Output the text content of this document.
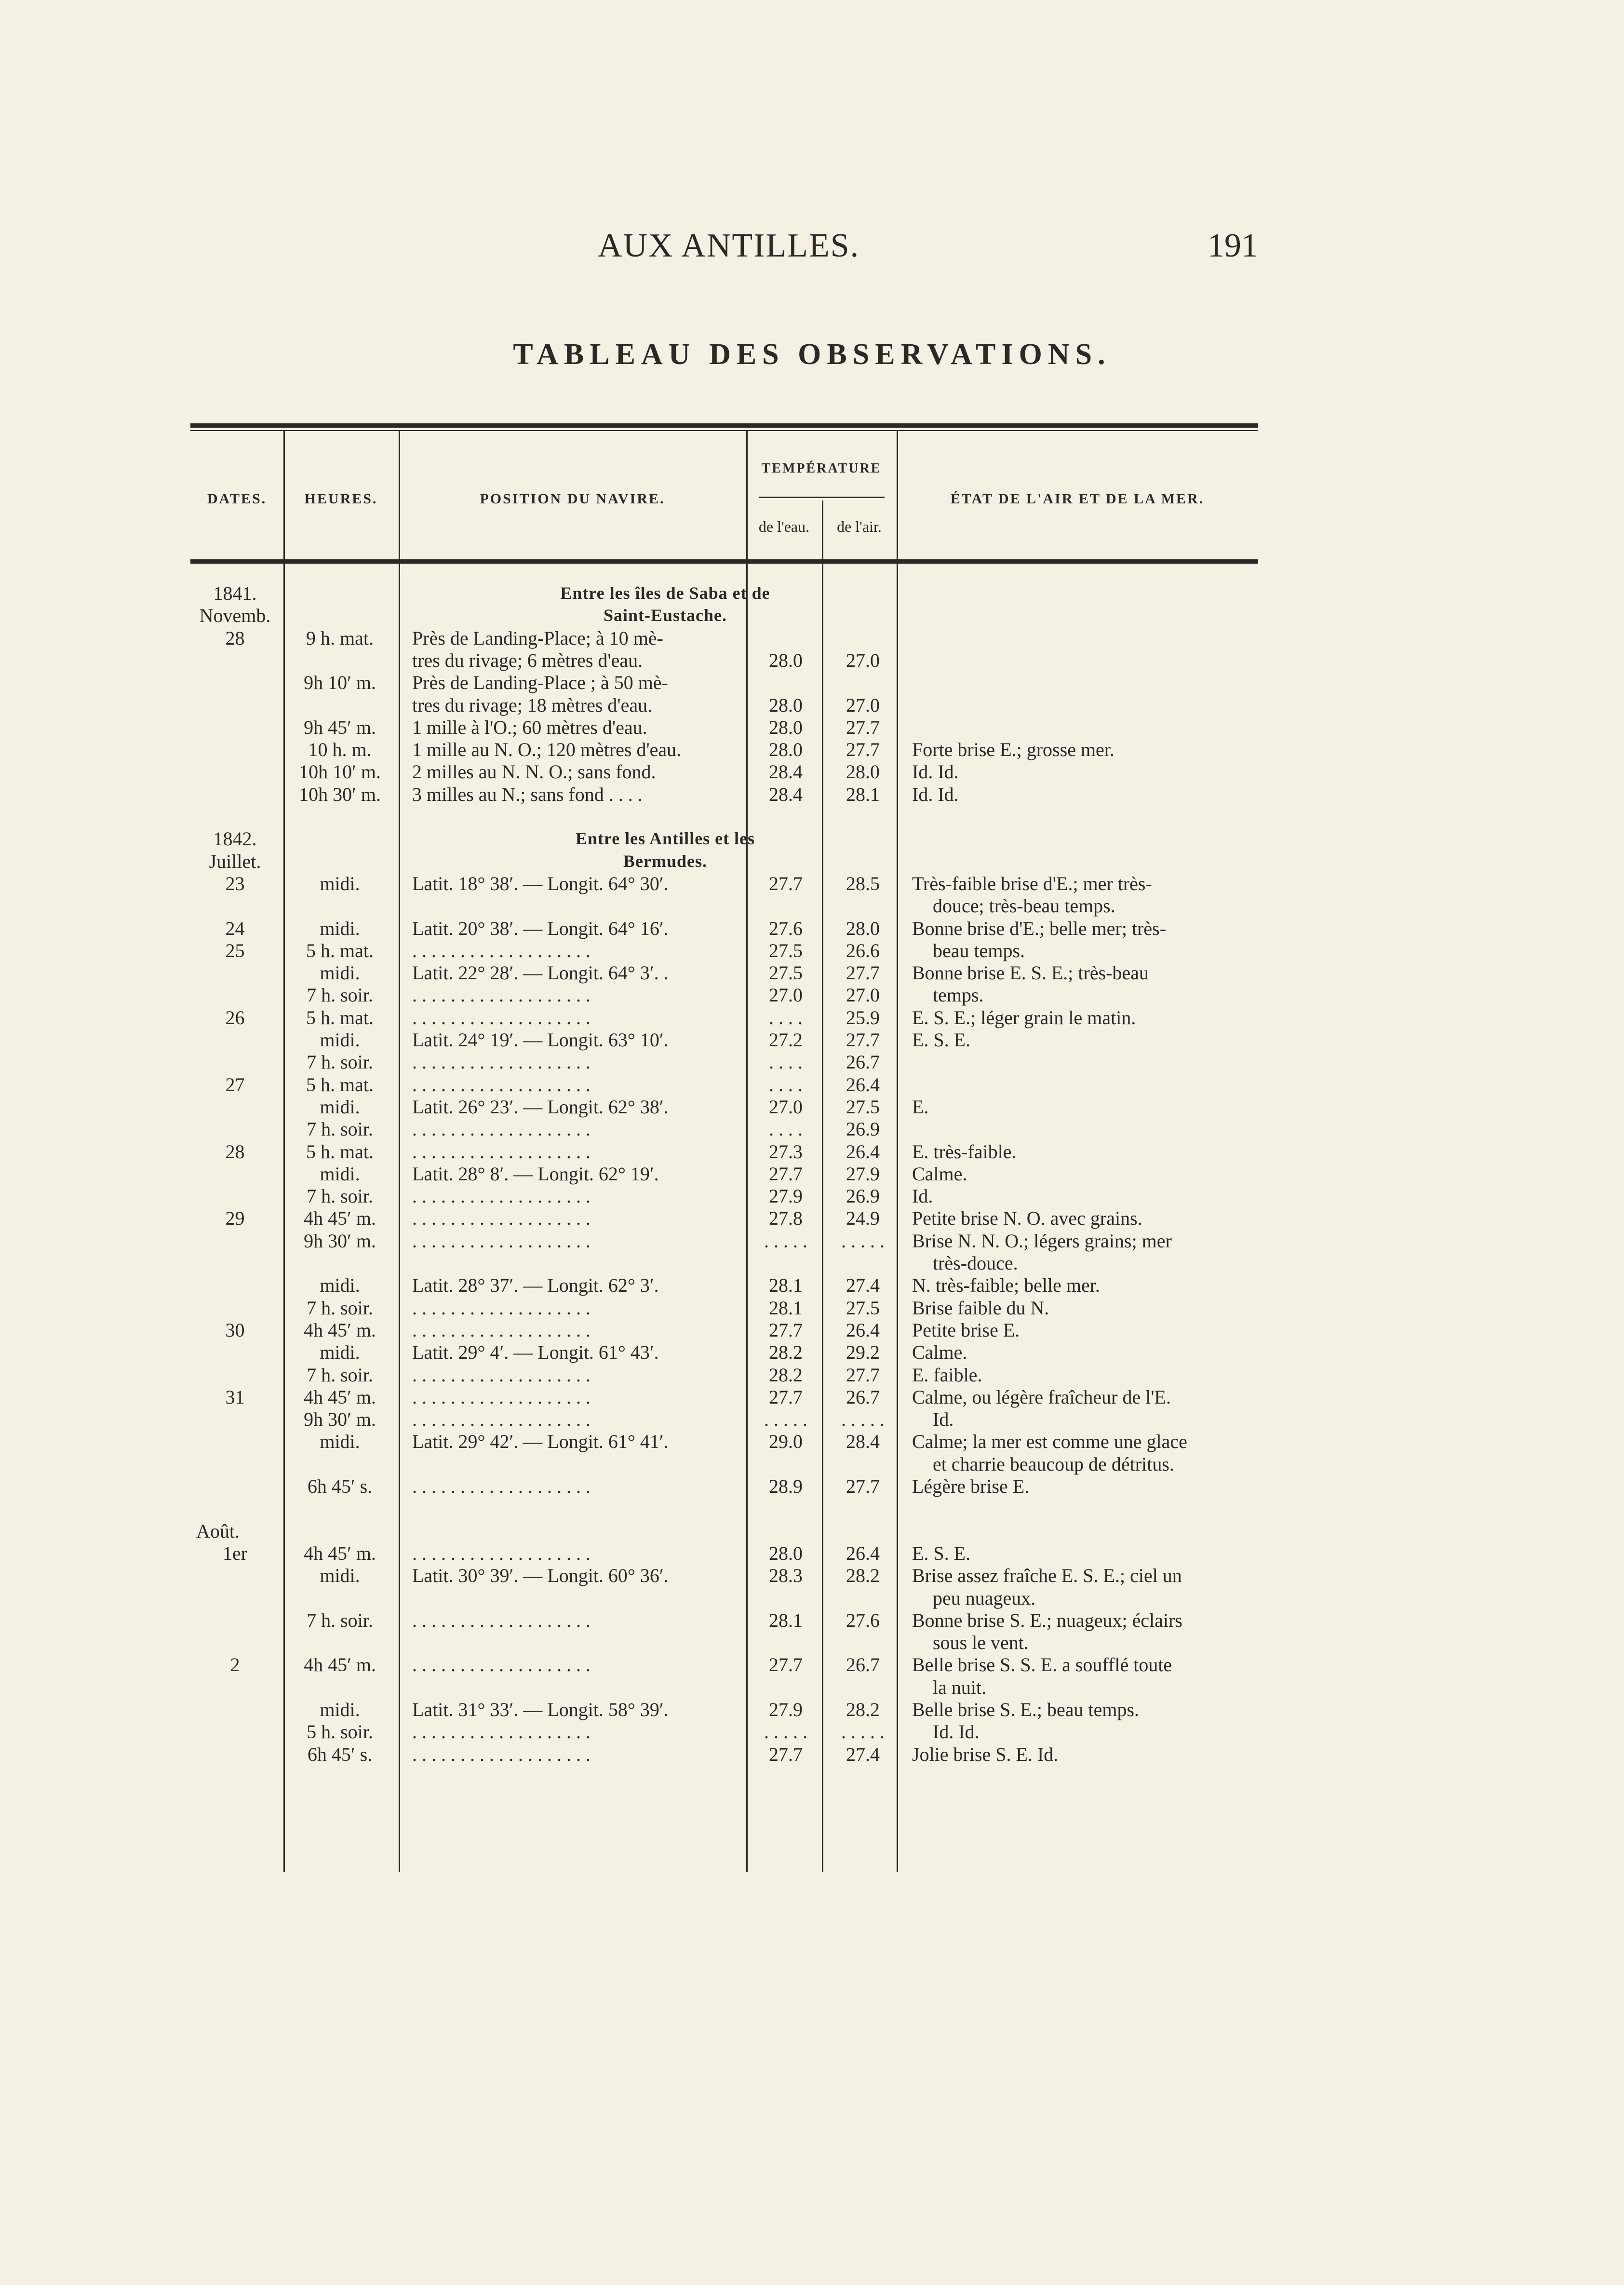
AUX ANTILLES.	191
TABLEAU DES OBSERVATIONS.
DATES.	HEURES.	POSITION DU NAVIRE.
TEMPÉRATURE
de l'eau.	de l'air.
ÉTAT DE L'AIR ET DE LA MER.
1841.	Entre les îles de Saba et de
Novemb.	Saint-Eustache.
28	9 h. mat.	Près de Landing-Place; à 10 mè-
tres du rivage; 6 mètres d'eau.	28.0	27.0
9h 10′ m.	Près de Landing-Place ; à 50 mè-
tres du rivage; 18 mètres d'eau.	28.0	27.0
9h 45′ m.	1 mille à l'O.; 60 mètres d'eau.	28.0	27.7
10 h. m.	1 mille au N. O.; 120 mètres d'eau.	28.0	27.7	Forte brise E.; grosse mer.
10h 10′ m.	2 milles au N. N. O.; sans fond.	28.4	28.0	Id. Id.
10h 30′ m.	3 milles au N.; sans fond . . . .	28.4	28.1	Id. Id.
1842.	Entre les Antilles et les
Juillet.	Bermudes.
23	midi.	Latit. 18° 38′. — Longit. 64° 30′.	27.7	28.5	Très-faible brise d'E.; mer très-
douce; très-beau temps.
24	midi.	Latit. 20° 38′. — Longit. 64° 16′.	27.6	28.0	Bonne brise d'E.; belle mer; très-
25	5 h. mat.	. . . . . . . . . . . . . . . . . . .	27.5	26.6	beau temps.
midi.	Latit. 22° 28′. — Longit. 64° 3′. .	27.5	27.7	Bonne brise E. S. E.; très-beau
7 h. soir.	. . . . . . . . . . . . . . . . . . .	27.0	27.0	temps.
26	5 h. mat.	. . . . . . . . . . . . . . . . . . .	. . . .	25.9	E. S. E.; léger grain le matin.
midi.	Latit. 24° 19′. — Longit. 63° 10′.	27.2	27.7	E. S. E.
7 h. soir.	. . . . . . . . . . . . . . . . . . .	. . . .	26.7
27	5 h. mat.	. . . . . . . . . . . . . . . . . . .	. . . .	26.4
midi.	Latit. 26° 23′. — Longit. 62° 38′.	27.0	27.5	E.
7 h. soir.	. . . . . . . . . . . . . . . . . . .	. . . .	26.9
28	5 h. mat.	. . . . . . . . . . . . . . . . . . .	27.3	26.4	E. très-faible.
midi.	Latit. 28° 8′. — Longit. 62° 19′.	27.7	27.9	Calme.
7 h. soir.	. . . . . . . . . . . . . . . . . . .	27.9	26.9	Id.
29	4h 45′ m.	. . . . . . . . . . . . . . . . . . .	27.8	24.9	Petite brise N. O. avec grains.
9h 30′ m.	. . . . . . . . . . . . . . . . . . .	. . . . .	. . . . .	Brise N. N. O.; légers grains; mer
très-douce.
midi.	Latit. 28° 37′. — Longit. 62° 3′.	28.1	27.4	N. très-faible; belle mer.
7 h. soir.	. . . . . . . . . . . . . . . . . . .	28.1	27.5	Brise faible du N.
30	4h 45′ m.	. . . . . . . . . . . . . . . . . . .	27.7	26.4	Petite brise E.
midi.	Latit. 29° 4′. — Longit. 61° 43′.	28.2	29.2	Calme.
7 h. soir.	. . . . . . . . . . . . . . . . . . .	28.2	27.7	E. faible.
31	4h 45′ m.	. . . . . . . . . . . . . . . . . . .	27.7	26.7	Calme, ou légère fraîcheur de l'E.
9h 30′ m.	. . . . . . . . . . . . . . . . . . .	. . . . .	. . . . .	Id.
midi.	Latit. 29° 42′. — Longit. 61° 41′.	29.0	28.4	Calme; la mer est comme une glace
et charrie beaucoup de détritus.
6h 45′ s.	. . . . . . . . . . . . . . . . . . .	28.9	27.7	Légère brise E.
Août.
1er	4h 45′ m.	. . . . . . . . . . . . . . . . . . .	28.0	26.4	E. S. E.
midi.	Latit. 30° 39′. — Longit. 60° 36′.	28.3	28.2	Brise assez fraîche E. S. E.; ciel un
peu nuageux.
7 h. soir.	. . . . . . . . . . . . . . . . . . .	28.1	27.6	Bonne brise S. E.; nuageux; éclairs
sous le vent.
2	4h 45′ m.	. . . . . . . . . . . . . . . . . . .	27.7	26.7	Belle brise S. S. E. a soufflé toute
la nuit.
midi.	Latit. 31° 33′. — Longit. 58° 39′.	27.9	28.2	Belle brise S. E.; beau temps.
5 h. soir.	. . . . . . . . . . . . . . . . . . .	. . . . .	. . . . .	Id. Id.
6h 45′ s.	. . . . . . . . . . . . . . . . . . .	27.7	27.4	Jolie brise S. E. Id.
